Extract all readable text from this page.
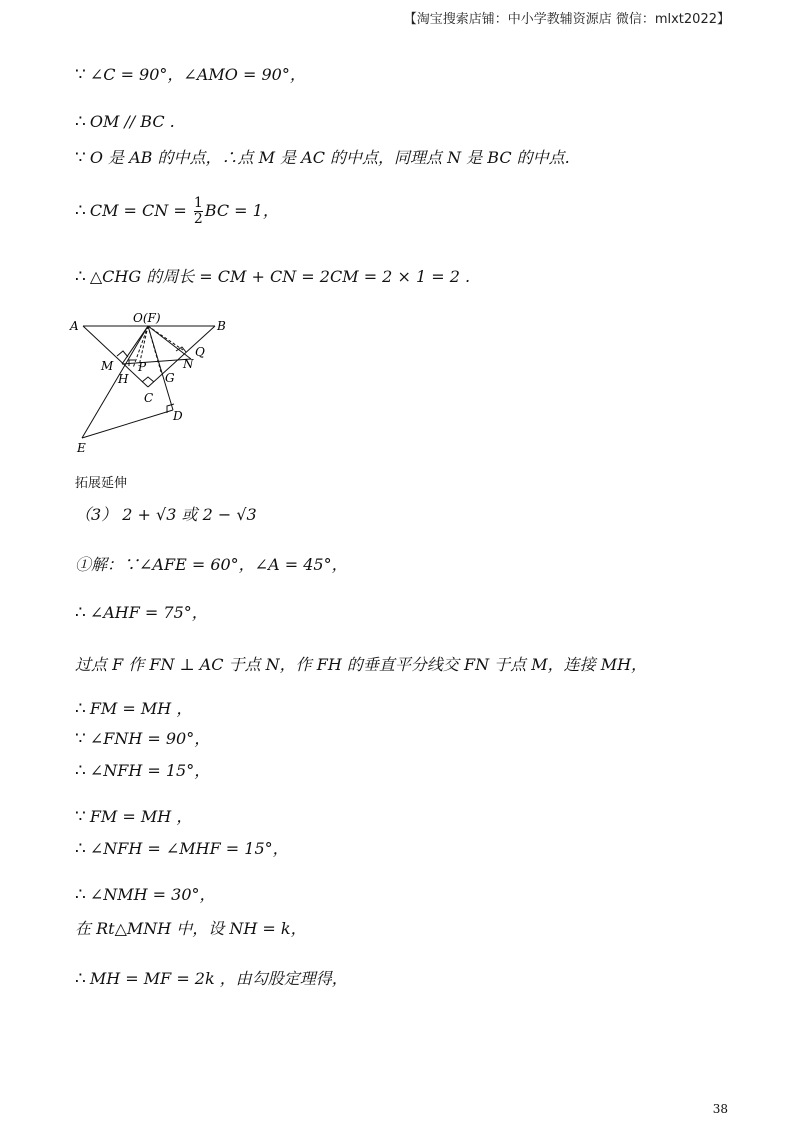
【淘宝搜索店铺：中小学教辅资源店 微信：mlxt2022】
∵ ∠C = 90°，∠AMO = 90°，
∴ OM // BC .
∵ O 是 AB 的中点，∴点 M 是 AC 的中点，同理点 N 是 BC 的中点.
∴ CM = CN = $\frac{1}{2}$ BC = 1，
∴ △CHG 的周长 = CM + CN = 2CM = 2 × 1 = 2 .
A	B
O(F)
M P
H	G
N
Q
C
D
E
拓展延伸
（3） 2 + √3 或 2 − √3
①解：∵∠AFE = 60°，∠A = 45°，
∴ ∠AHF = 75°，
过点 F 作 FN ⊥ AC 于点 N，作 FH 的垂直平分线交 FN 于点 M，连接 MH，
∴ FM = MH ，
∵ ∠FNH = 90°，
∴ ∠NFH = 15°，
∵ FM = MH ，
∴ ∠NFH = ∠MHF = 15°，
∴ ∠NMH = 30°，
在 Rt△MNH 中，设 NH = k，
∴ MH = MF = 2k ，由勾股定理得，
38
